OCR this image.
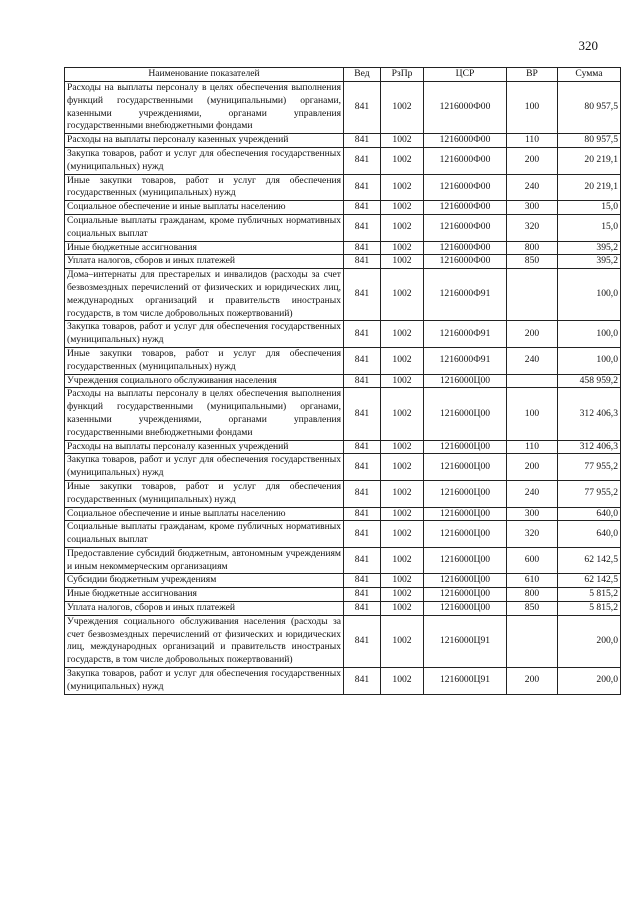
320
Наименование показателей	Вед	РзПр	ЦСР	ВР	Сумма
Расходы на выплаты персоналу в целях обеспечения выполнения функций государственными (муниципальными) органами, казенными учреждениями, органами управления государственными внебюджетными фондами	841	1002	1216000Ф00	100	80 957,5
Расходы на выплаты персоналу казенных учреждений	841	1002	1216000Ф00	110	80 957,5
Закупка товаров, работ и услуг для обеспечения государственных (муниципальных) нужд	841	1002	1216000Ф00	200	20 219,1
Иные закупки товаров, работ и услуг для обеспечения государственных (муниципальных) нужд	841	1002	1216000Ф00	240	20 219,1
Социальное обеспечение и иные выплаты населению	841	1002	1216000Ф00	300	15,0
Социальные выплаты гражданам, кроме публичных нормативных социальных выплат	841	1002	1216000Ф00	320	15,0
Иные бюджетные ассигнования	841	1002	1216000Ф00	800	395,2
Уплата налогов, сборов и иных платежей	841	1002	1216000Ф00	850	395,2
Дома–интернаты для престарелых и инвалидов (расходы за счет безвозмездных перечислений от физических и юридических лиц, международных организаций и правительств иностраных государств, в том числе добровольных пожертвований)	841	1002	1216000Ф91		100,0
Закупка товаров, работ и услуг для обеспечения государственных (муниципальных) нужд	841	1002	1216000Ф91	200	100,0
Иные закупки товаров, работ и услуг для обеспечения государственных (муниципальных) нужд	841	1002	1216000Ф91	240	100,0
Учреждения социального обслуживания населения	841	1002	1216000Ц00		458 959,2
Расходы на выплаты персоналу в целях обеспечения выполнения функций государственными (муниципальными) органами, казенными учреждениями, органами управления государственными внебюджетными фондами	841	1002	1216000Ц00	100	312 406,3
Расходы на выплаты персоналу казенных учреждений	841	1002	1216000Ц00	110	312 406,3
Закупка товаров, работ и услуг для обеспечения государственных (муниципальных) нужд	841	1002	1216000Ц00	200	77 955,2
Иные закупки товаров, работ и услуг для обеспечения государственных (муниципальных) нужд	841	1002	1216000Ц00	240	77 955,2
Социальное обеспечение и иные выплаты населению	841	1002	1216000Ц00	300	640,0
Социальные выплаты гражданам, кроме публичных нормативных социальных выплат	841	1002	1216000Ц00	320	640,0
Предоставление субсидий бюджетным, автономным учреждениям и иным некоммерческим организациям	841	1002	1216000Ц00	600	62 142,5
Субсидии бюджетным учреждениям	841	1002	1216000Ц00	610	62 142,5
Иные бюджетные ассигнования	841	1002	1216000Ц00	800	5 815,2
Уплата налогов, сборов и иных платежей	841	1002	1216000Ц00	850	5 815,2
Учреждения социального обслуживания населения (расходы за счет безвозмездных перечислений от физических и юридических лиц, международных организаций и правительств иностраных государств, в том числе добровольных пожертвований)	841	1002	1216000Ц91		200,0
Закупка товаров, работ и услуг для обеспечения государственных (муниципальных) нужд	841	1002	1216000Ц91	200	200,0
